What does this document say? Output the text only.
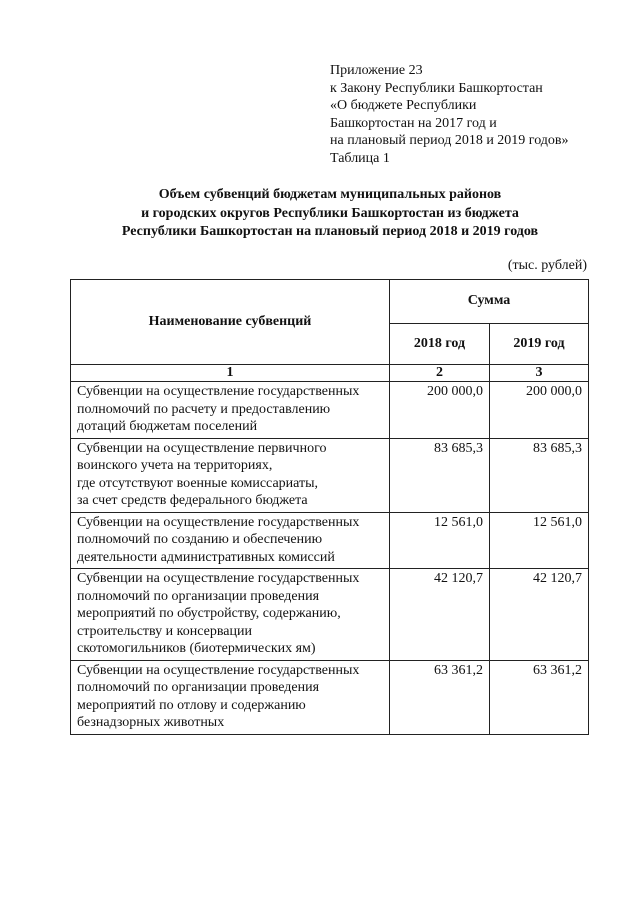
Приложение 23
к Закону Республики Башкортостан
«О бюджете Республики
Башкортостан на 2017 год и
на плановый период 2018 и 2019 годов»
Таблица 1
Объем субвенций бюджетам муниципальных районов
и городских округов Республики Башкортостан из бюджета
Республики Башкортостан на плановый период 2018 и 2019 годов
(тыс. рублей)
Наименование субвенций	Сумма	
	2018 год	2019 год
1	2	3

Субвенции на осуществление государственных
полномочий по расчету и предоставлению
дотаций бюджетам поселений	200 000,0	200 000,0

Субвенции на осуществление первичного
воинского учета на территориях,
где отсутствуют военные комиссариаты,
за счет средств федерального бюджета	83 685,3	83 685,3

Субвенции на осуществление государственных
полномочий по созданию и обеспечению
деятельности административных комиссий	12 561,0	12 561,0

Субвенции на осуществление государственных
полномочий по организации проведения
мероприятий по обустройству, содержанию,
строительству и консервации
скотомогильников (биотермических ям)	42 120,7	42 120,7

Субвенции на осуществление государственных
полномочий по организации проведения
мероприятий по отлову и содержанию
безнадзорных животных	63 361,2	63 361,2
